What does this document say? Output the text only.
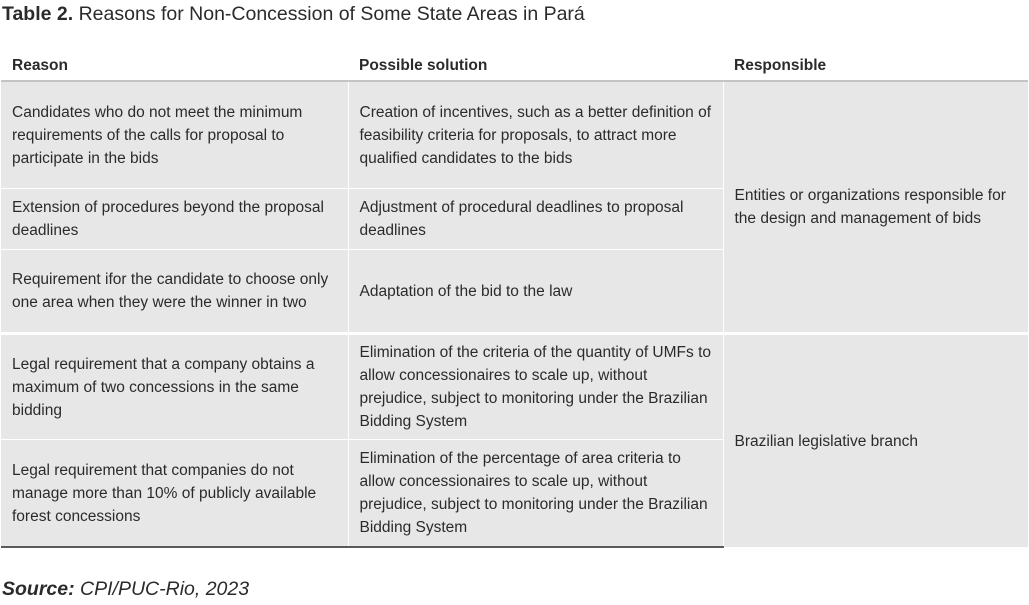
Table 2. Reasons for Non-Concession of Some State Areas in Pará
Reason	Possible solution	Responsible
Candidates who do not meet the minimum requirements of the calls for proposal to participate in the bids	Creation of incentives, such as a better definition of feasibility criteria for proposals, to attract more qualified candidates to the bids	Entities or organizations responsible for the design and management of bids
Extension of procedures beyond the proposal deadlines	Adjustment of procedural deadlines to proposal deadlines	
Requirement ifor the candidate to choose only one area when they were the winner in two	Adaptation of the bid to the law	
Legal requirement that a company obtains a maximum of two concessions in the same bidding	Elimination of the criteria of the quantity of UMFs to allow concessionaires to scale up, without prejudice, subject to monitoring under the Brazilian Bidding System	Brazilian legislative branch
Legal requirement that companies do not manage more than 10% of publicly available forest concessions	Elimination of the percentage of area criteria to allow concessionaires to scale up, without prejudice, subject to monitoring under the Brazilian Bidding System	
Source: CPI/PUC-Rio, 2023
